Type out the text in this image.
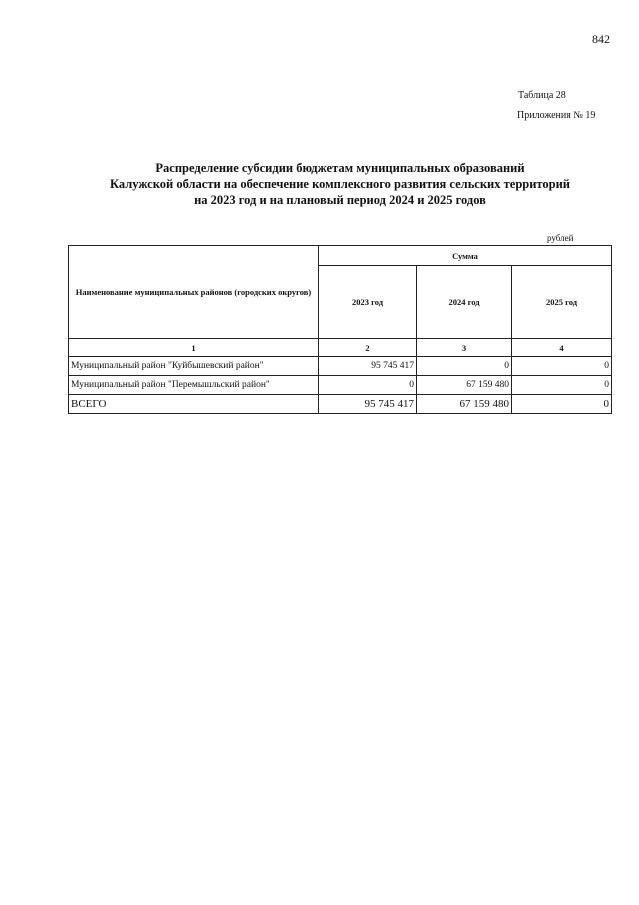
842
Таблица 28
Приложения № 19
Распределение субсидии бюджетам муниципальных образований
Калужской области на обеспечение комплексного развития сельских территорий
на 2023 год и на плановый период 2024 и 2025 годов
рублей
Наименование муниципальных районов (городских округов)	Сумма		
	2023 год	2024 год	2025 год
1	2	3	4
Муниципальный район "Куйбышевский район"	95 745 417	0	0
Муниципальный район "Перемышльский район"	0	67 159 480	0
ВСЕГО	95 745 417	67 159 480	0
